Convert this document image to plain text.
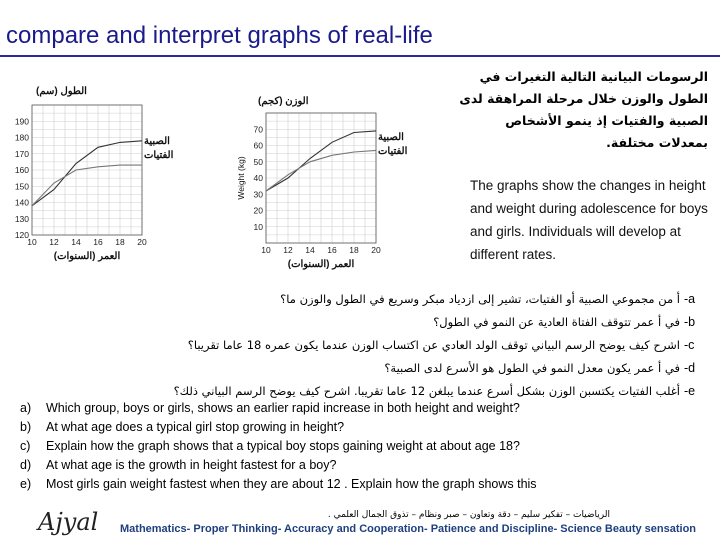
compare and interpret graphs of real-life
190
180
170
160
150
140
130
120
10 12 14 16 18 20
الصبية
الفتيات
الطول (سم)
العمر (السنوات)
70
60
50
40
30
20
10
10 12 14 16 18 20
الصبية
الفتيات
الوزن (كجم)
العمر (السنوات)
Weight (kg)
الرسومات البيانية التالية التغيرات في الطول والوزن خلال مرحلة المراهقة لدى الصبية والفتيات إذ ينمو الأشخاص بمعدلات مختلفة.
The graphs show the changes in height and weight during adolescence for boys and girls. Individuals will develop at different rates.
أ من مجموعي الصبية أو الفتيات، تشير إلى ازدياد مبكر وسريع في الطول والوزن ما؟ -a
في أ عمر تتوقف الفتاة العادية عن النمو في الطول؟ -b
اشرح كيف يوضح الرسم البياني توقف الولد العادي عن اكتساب الوزن عندما يكون عمره 18 عاما تقريبا؟ -c
في أ عمر يكون معدل النمو في الطول هو الأسرع لدى الصبية؟ -d
أغلب الفتيات يكتسبن الوزن بشكل أسرع عندما يبلغن 12 عاما تقريبا. اشرح كيف يوضح الرسم البياني ذلك؟ -e
a) Which group, boys or girls, shows an earlier rapid increase in both height and weight?
b) At what age does a typical girl stop growing in height?
c) Explain how the graph shows that a typical boy stops gaining weight at about age 18?
d) At what age is the growth in height fastest for a boy?
e) Most girls gain weight fastest when they are about 12 . Explain how the graph shows this
Ajyal	الرياضيات – تفكير سليم – دقة وتعاون – صبر ونظام – تذوق الجمال العلمي .
Mathematics- Proper Thinking- Accuracy and Cooperation- Patience and Discipline- Science Beauty sensation
